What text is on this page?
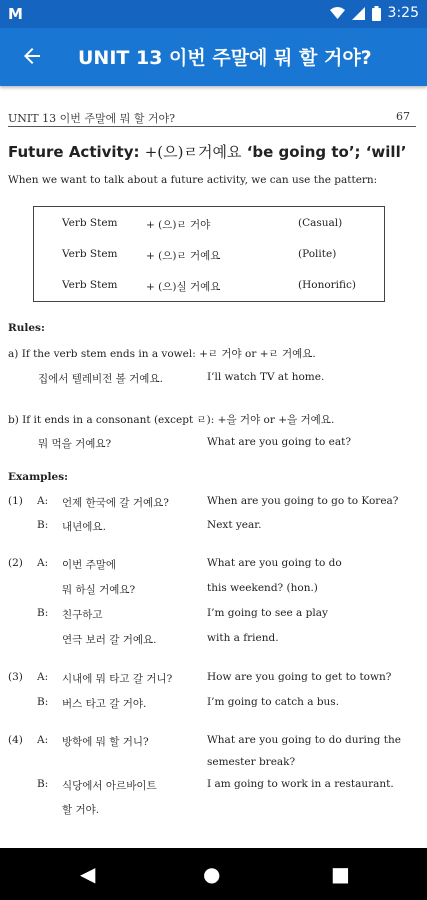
M	3:25
UNIT 13 이번 주말에 뭐 할 거야?
UNIT 13 이번 주말에 뭐 할 거야?	67
Future Activity: +(으)ㄹ거예요 ‘be going to’; ‘will’
When we want to talk about a future activity, we can use the pattern:
Verb Stem	+ (으)ㄹ 거야	(Casual)
Verb Stem	+ (으)ㄹ 거예요	(Polite)
Verb Stem	+ (으)실 거예요	(Honorific)
Rules:
a) If the verb stem ends in a vowel: +ㄹ 거야 or +ㄹ 거예요.
집에서 텔레비전 볼 거예요.	I’ll watch TV at home.
b) If it ends in a consonant (except ㄹ): +을 거야 or +을 거예요.
뭐 먹을 거예요?	What are you going to eat?
Examples:
(1) A: 언제 한국에 갈 거예요?	When are you going to go to Korea?
B: 내년에요.	Next year.
(2) A: 이번 주말에	What are you going to do
뭐 하실 거예요?	this weekend? (hon.)
B: 친구하고	I’m going to see a play
연극 보러 갈 거예요.	with a friend.
(3) A: 시내에 뭐 타고 갈 거니?	How are you going to get to town?
B: 버스 타고 갈 거야.	I’m going to catch a bus.
(4) A: 방학에 뭐 할 거니?	What are you going to do during the
semester break?
B: 식당에서 아르바이트	I am going to work in a restaurant.
할 거야.
◀	●	■
